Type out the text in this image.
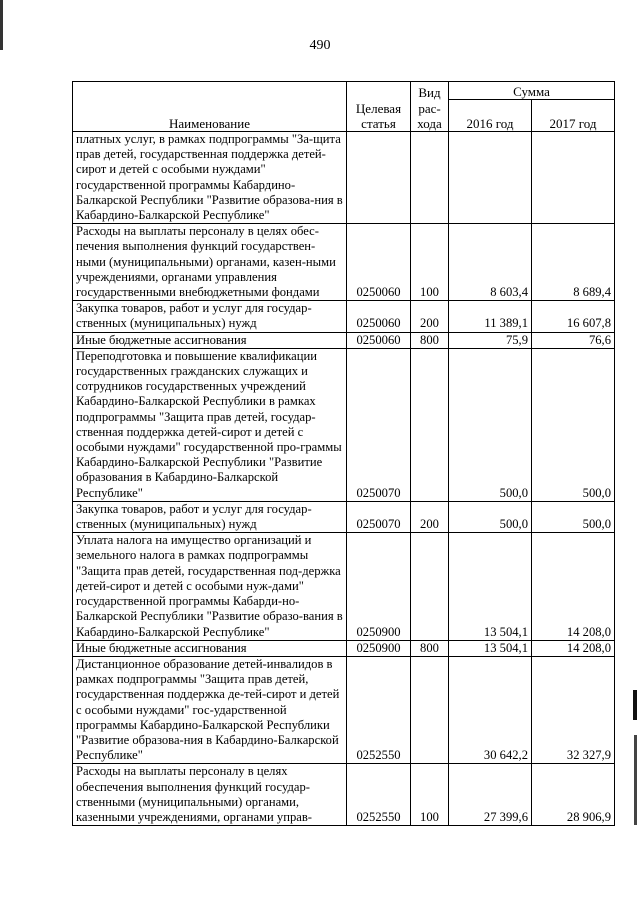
490
Наименование	Целевая статья	Вид рас-хода	Сумма	
			2016 год	2017 год
платных услуг, в рамках подпрограммы "За-щита прав детей, государственная поддержка детей-сирот и детей с особыми нуждами" государственной программы Кабардино-Балкарской Республики "Развитие образова-ния в Кабардино-Балкарской Республике"				
Расходы на выплаты персоналу в целях обес-печения выполнения функций государствен-ными (муниципальными) органами, казен-ными учреждениями, органами управления государственными внебюджетными фондами	0250060	100	8 603,4	8 689,4
Закупка товаров, работ и услуг для государ-ственных (муниципальных) нужд	0250060	200	11 389,1	16 607,8
Иные бюджетные ассигнования	0250060	800	75,9	76,6
Переподготовка и повышение квалификации государственных гражданских служащих и сотрудников государственных учреждений Кабардино-Балкарской Республики в рамках подпрограммы "Защита прав детей, государ-ственная поддержка детей-сирот и детей с особыми нуждами" государственной про-граммы Кабардино-Балкарской Республики "Развитие образования в Кабардино-Балкарской Республике"	0250070		500,0	500,0
Закупка товаров, работ и услуг для государ-ственных (муниципальных) нужд	0250070	200	500,0	500,0
Уплата налога на имущество организаций и земельного налога в рамках подпрограммы "Защита прав детей, государственная под-держка детей-сирот и детей с особыми нуж-дами" государственной программы Кабарди-но-Балкарской Республики "Развитие образо-вания в Кабардино-Балкарской Республике"	0250900		13 504,1	14 208,0
Иные бюджетные ассигнования	0250900	800	13 504,1	14 208,0
Дистанционное образование детей-инвалидов в рамках подпрограммы "Защита прав детей, государственная поддержка де-тей-сирот и детей с особыми нуждами" гос-ударственной программы Кабардино-Балкарской Республики "Развитие образова-ния в Кабардино-Балкарской Республике"	0252550		30 642,2	32 327,9
Расходы на выплаты персоналу в целях обеспечения выполнения функций государ-ственными (муниципальными) органами, казенными учреждениями, органами управ-	0252550	100	27 399,6	28 906,9
